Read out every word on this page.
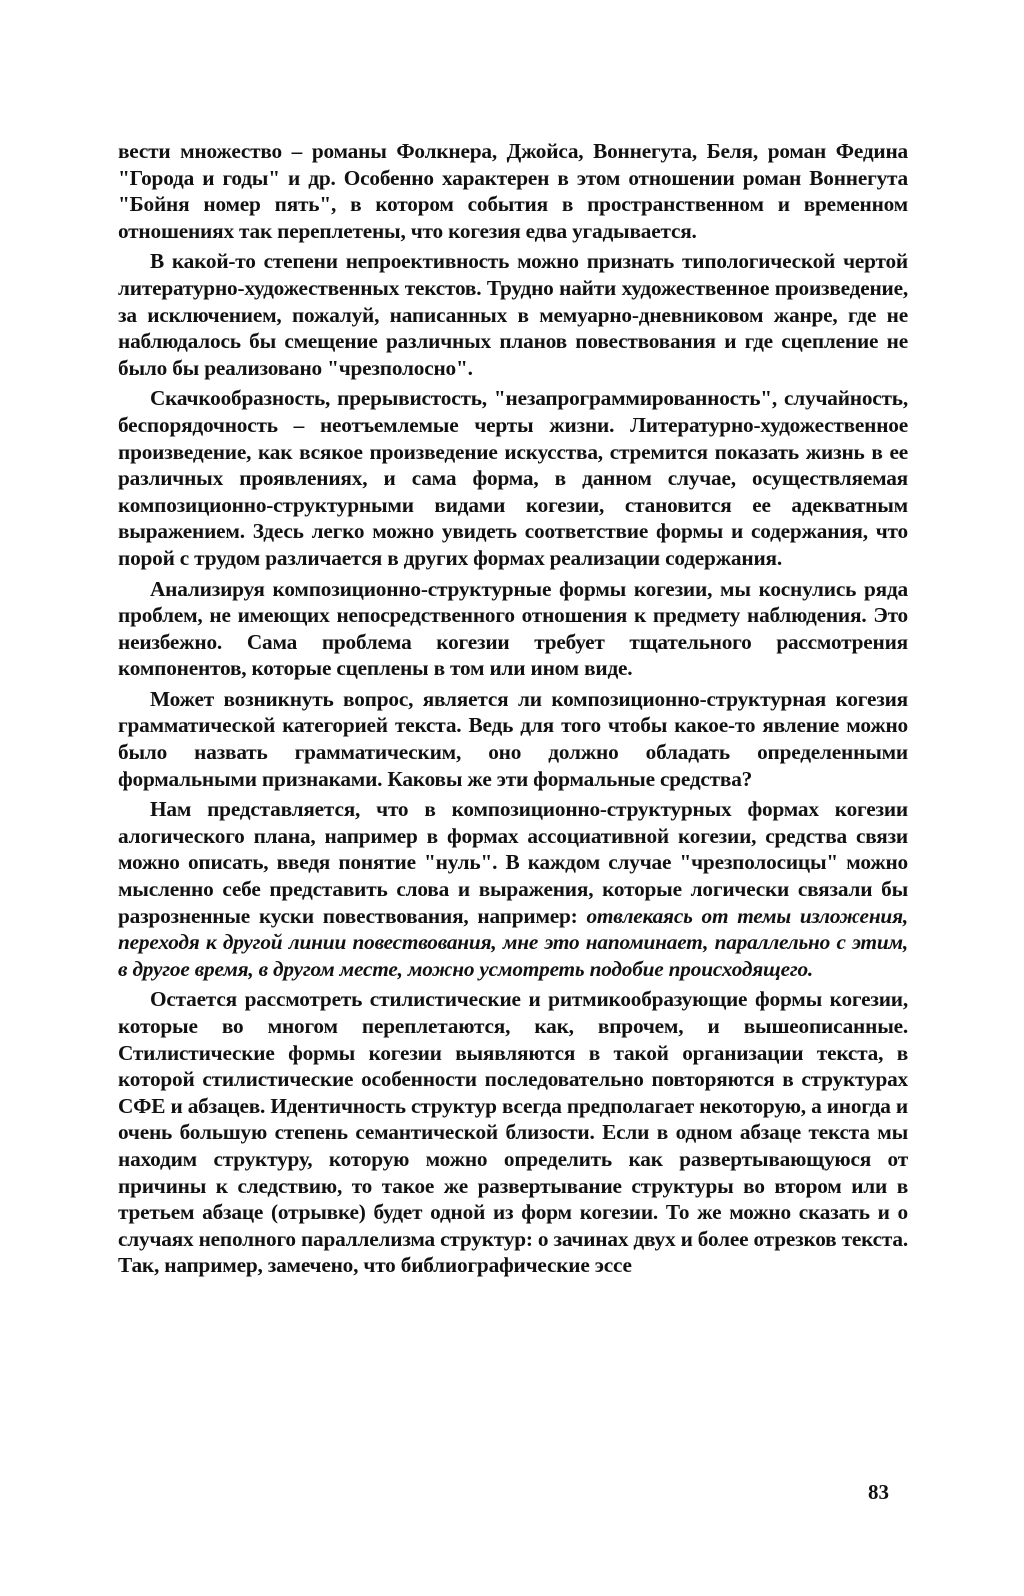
вести множество – романы Фолкнера, Джойса, Воннегута, Беля, роман Федина "Города и годы" и др. Особенно характерен в этом отношении роман Воннегута "Бойня номер пять", в котором события в пространственном и временном отношениях так переплетены, что когезия едва угадывается.

В какой-то степени непроективность можно признать типологической чертой литературно-художественных текстов. Трудно найти художественное произведение, за исключением, пожалуй, написанных в мемуарно-дневниковом жанре, где не наблюдалось бы смещение различных планов повествования и где сцепление не было бы реализовано "чрезполосно".

Скачкообразность, прерывистость, "незапрограммированность", случайность, беспорядочность – неотъемлемые черты жизни. Литературно-художественное произведение, как всякое произведение искусства, стремится показать жизнь в ее различных проявлениях, и сама форма, в данном случае, осуществляемая композиционно-структурными видами когезии, становится ее адекватным выражением. Здесь легко можно увидеть соответствие формы и содержания, что порой с трудом различается в других формах реализации содержания.

Анализируя композиционно-структурные формы когезии, мы коснулись ряда проблем, не имеющих непосредственного отношения к предмету наблюдения. Это неизбежно. Сама проблема когезии требует тщательного рассмотрения компонентов, которые сцеплены в том или ином виде.

Может возникнуть вопрос, является ли композиционно-структурная когезия грамматической категорией текста. Ведь для того чтобы какое-то явление можно было назвать грамматическим, оно должно обладать определенными формальными признаками. Каковы же эти формальные средства?

Нам представляется, что в композиционно-структурных формах когезии алогического плана, например в формах ассоциативной когезии, средства связи можно описать, введя понятие "нуль". В каждом случае "чрезполосицы" можно мысленно себе представить слова и выражения, которые логически связали бы разрозненные куски повествования, например: отвлекаясь от темы изложения, переходя к другой линии повествования, мне это напоминает, параллельно с этим, в другое время, в другом месте, можно усмотреть подобие происходящего.

Остается рассмотреть стилистические и ритмикообразующие формы когезии, которые во многом переплетаются, как, впрочем, и вышеописанные. Стилистические формы когезии выявляются в такой организации текста, в которой стилистические особенности последовательно повторяются в структурах СФЕ и абзацев. Идентичность структур всегда предполагает некоторую, а иногда и очень большую степень семантической близости. Если в одном абзаце текста мы находим структуру, которую можно определить как развертывающуюся от причины к следствию, то такое же развертывание структуры во втором или в третьем абзаце (отрывке) будет одной из форм когезии. То же можно сказать и о случаях неполного параллелизма структур: о зачинах двух и более отрезков текста. Так, например, замечено, что библиографические эссе

83
